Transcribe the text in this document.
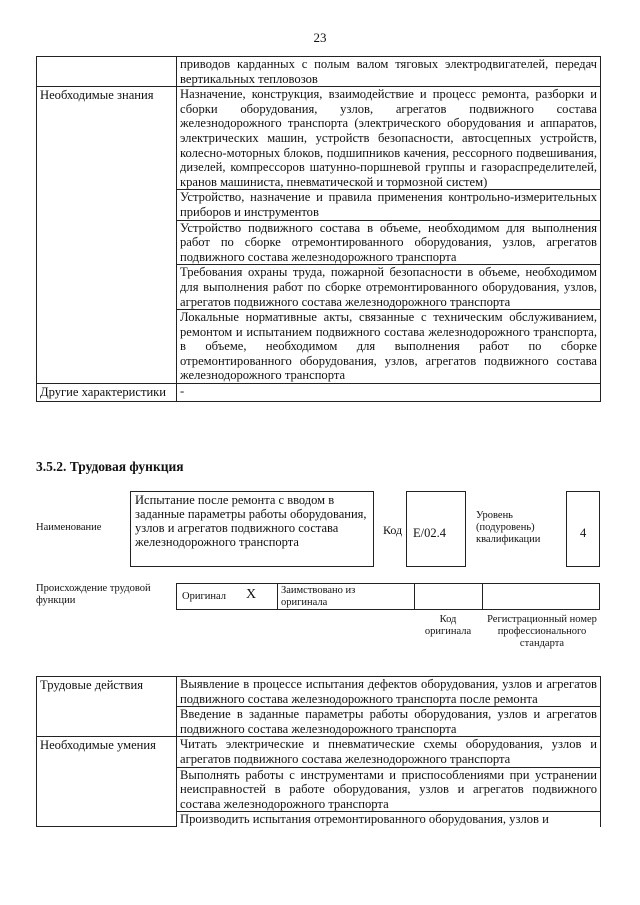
23
	приводов карданных с полым валом тяговых электродвигателей, передач вертикальных тепловозов
Необходимые знания	Назначение, конструкция, взаимодействие и процесс ремонта, разборки и сборки оборудования, узлов, агрегатов подвижного состава железнодорожного транспорта (электрического оборудования и аппаратов, электрических машин, устройств безопасности, автосцепных устройств, колесно-моторных блоков, подшипников качения, рессорного подвешивания, дизелей, компрессоров шатунно-поршневой группы и газораспределителей, кранов машиниста, пневматической и тормозной систем)
	Устройство, назначение и правила применения контрольно-измерительных приборов и инструментов
	Устройство подвижного состава в объеме, необходимом для выполнения работ по сборке отремонтированного оборудования, узлов, агрегатов подвижного состава железнодорожного транспорта
	Требования охраны труда, пожарной безопасности в объеме, необходимом для выполнения работ по сборке отремонтированного оборудования, узлов, агрегатов подвижного состава железнодорожного транспорта
	Локальные нормативные акты, связанные с техническим обслуживанием, ремонтом и испытанием подвижного состава железнодорожного транспорта, в объеме, необходимом для выполнения работ по сборке отремонтированного оборудования, узлов, агрегатов подвижного состава железнодорожного транспорта
Другие характеристики	-
3.5.2. Трудовая функция
Наименование
Испытание после ремонта с вводом в заданные параметры работы оборудования, узлов и агрегатов подвижного состава железнодорожного транспорта
Код E/02.4
Уровень (подуровень) квалификации	4
Происхождение трудовой функции	Оригинал X Заимствовано из оригинала
Код оригинала
Регистрационный номер профессионального стандарта
Трудовые действия	Выявление в процессе испытания дефектов оборудования, узлов и агрегатов подвижного состава железнодорожного транспорта после ремонта
	Введение в заданные параметры работы оборудования, узлов и агрегатов подвижного состава железнодорожного транспорта
Необходимые умения	Читать электрические и пневматические схемы оборудования, узлов и агрегатов подвижного состава железнодорожного транспорта
	Выполнять работы с инструментами и приспособлениями при устранении неисправностей в работе оборудования, узлов и агрегатов подвижного состава железнодорожного транспорта
	Производить испытания отремонтированного оборудования, узлов и
